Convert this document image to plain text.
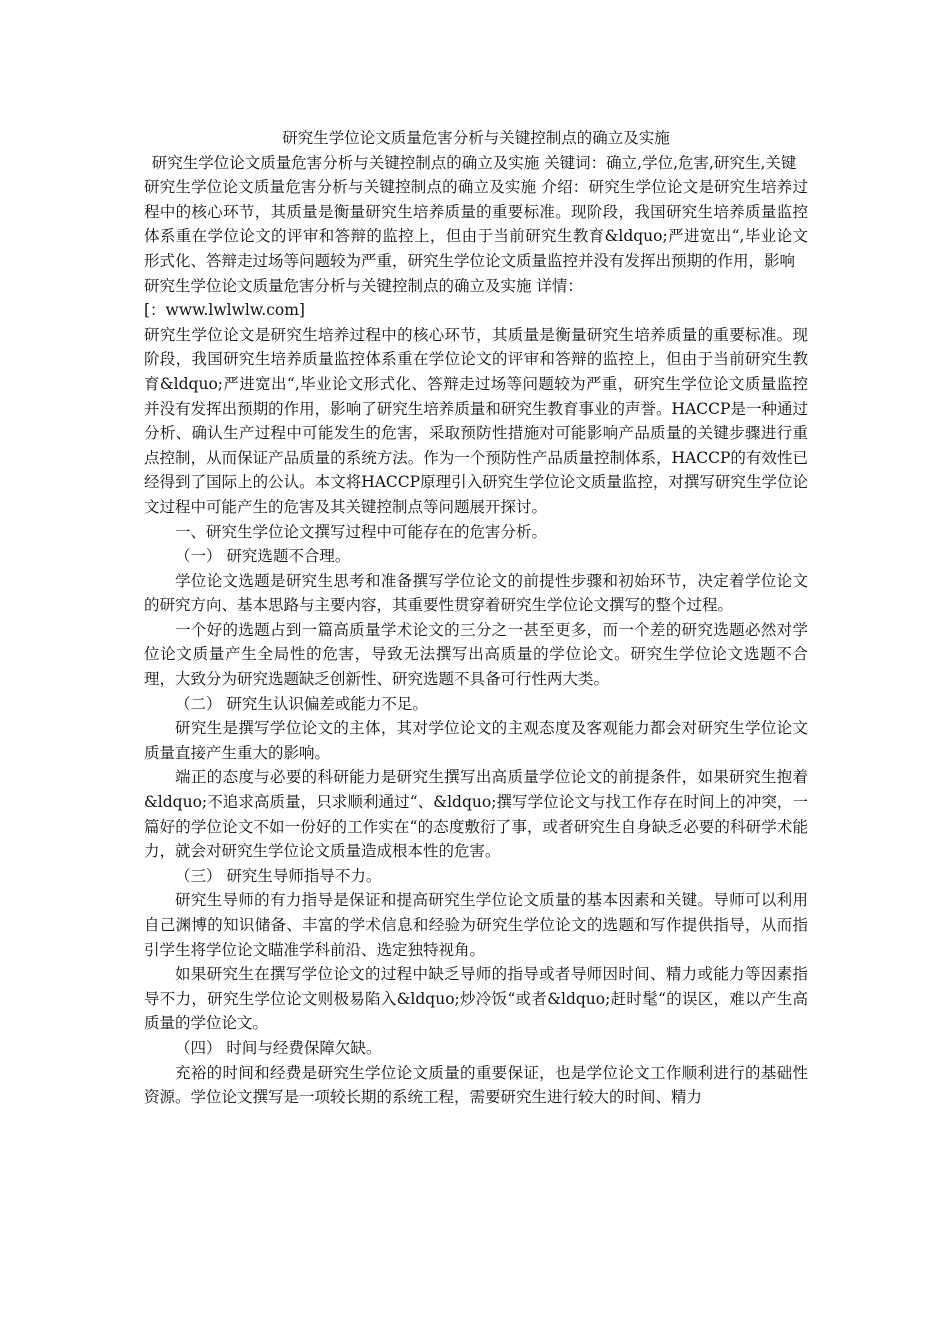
研究生学位论文质量危害分析与关键控制点的确立及实施

研究生学位论文质量危害分析与关键控制点的确立及实施 关键词：确立,学位,危害,研究生,关键

研究生学位论文质量危害分析与关键控制点的确立及实施 介绍：研究生学位论文是研究生培养过程中的核心环节，其质量是衡量研究生培养质量的重要标准。现阶段，我国研究生培养质量监控体系重在学位论文的评审和答辩的监控上，但由于当前研究生教育&ldquo;严进宽出“,毕业论文形式化、答辩走过场等问题较为严重，研究生学位论文质量监控并没有发挥出预期的作用，影响

研究生学位论文质量危害分析与关键控制点的确立及实施 详情：

[：www.lwlwlw.com]

研究生学位论文是研究生培养过程中的核心环节，其质量是衡量研究生培养质量的重要标准。现阶段，我国研究生培养质量监控体系重在学位论文的评审和答辩的监控上，但由于当前研究生教育&ldquo;严进宽出“,毕业论文形式化、答辩走过场等问题较为严重，研究生学位论文质量监控并没有发挥出预期的作用，影响了研究生培养质量和研究生教育事业的声誉。HACCP是一种通过分析、确认生产过程中可能发生的危害，采取预防性措施对可能影响产品质量的关键步骤进行重点控制，从而保证产品质量的系统方法。作为一个预防性产品质量控制体系，HACCP的有效性已经得到了国际上的公认。本文将HACCP原理引入研究生学位论文质量监控，对撰写研究生学位论文过程中可能产生的危害及其关键控制点等问题展开探讨。

一、研究生学位论文撰写过程中可能存在的危害分析。

（一） 研究选题不合理。

学位论文选题是研究生思考和准备撰写学位论文的前提性步骤和初始环节，决定着学位论文的研究方向、基本思路与主要内容，其重要性贯穿着研究生学位论文撰写的整个过程。

一个好的选题占到一篇高质量学术论文的三分之一甚至更多，而一个差的研究选题必然对学位论文质量产生全局性的危害，导致无法撰写出高质量的学位论文。研究生学位论文选题不合理，大致分为研究选题缺乏创新性、研究选题不具备可行性两大类。

（二） 研究生认识偏差或能力不足。

研究生是撰写学位论文的主体，其对学位论文的主观态度及客观能力都会对研究生学位论文质量直接产生重大的影响。

端正的态度与必要的科研能力是研究生撰写出高质量学位论文的前提条件，如果研究生抱着&ldquo;不追求高质量，只求顺利通过“、&ldquo;撰写学位论文与找工作存在时间上的冲突，一篇好的学位论文不如一份好的工作实在“的态度敷衍了事，或者研究生自身缺乏必要的科研学术能力，就会对研究生学位论文质量造成根本性的危害。

（三） 研究生导师指导不力。

研究生导师的有力指导是保证和提高研究生学位论文质量的基本因素和关键。导师可以利用自己渊博的知识储备、丰富的学术信息和经验为研究生学位论文的选题和写作提供指导，从而指引学生将学位论文瞄准学科前沿、选定独特视角。

如果研究生在撰写学位论文的过程中缺乏导师的指导或者导师因时间、精力或能力等因素指导不力，研究生学位论文则极易陷入&ldquo;炒冷饭“或者&ldquo;赶时髦“的误区，难以产生高质量的学位论文。

（四） 时间与经费保障欠缺。

充裕的时间和经费是研究生学位论文质量的重要保证，也是学位论文工作顺利进行的基础性资源。学位论文撰写是一项较长期的系统工程，需要研究生进行较大的时间、精力
